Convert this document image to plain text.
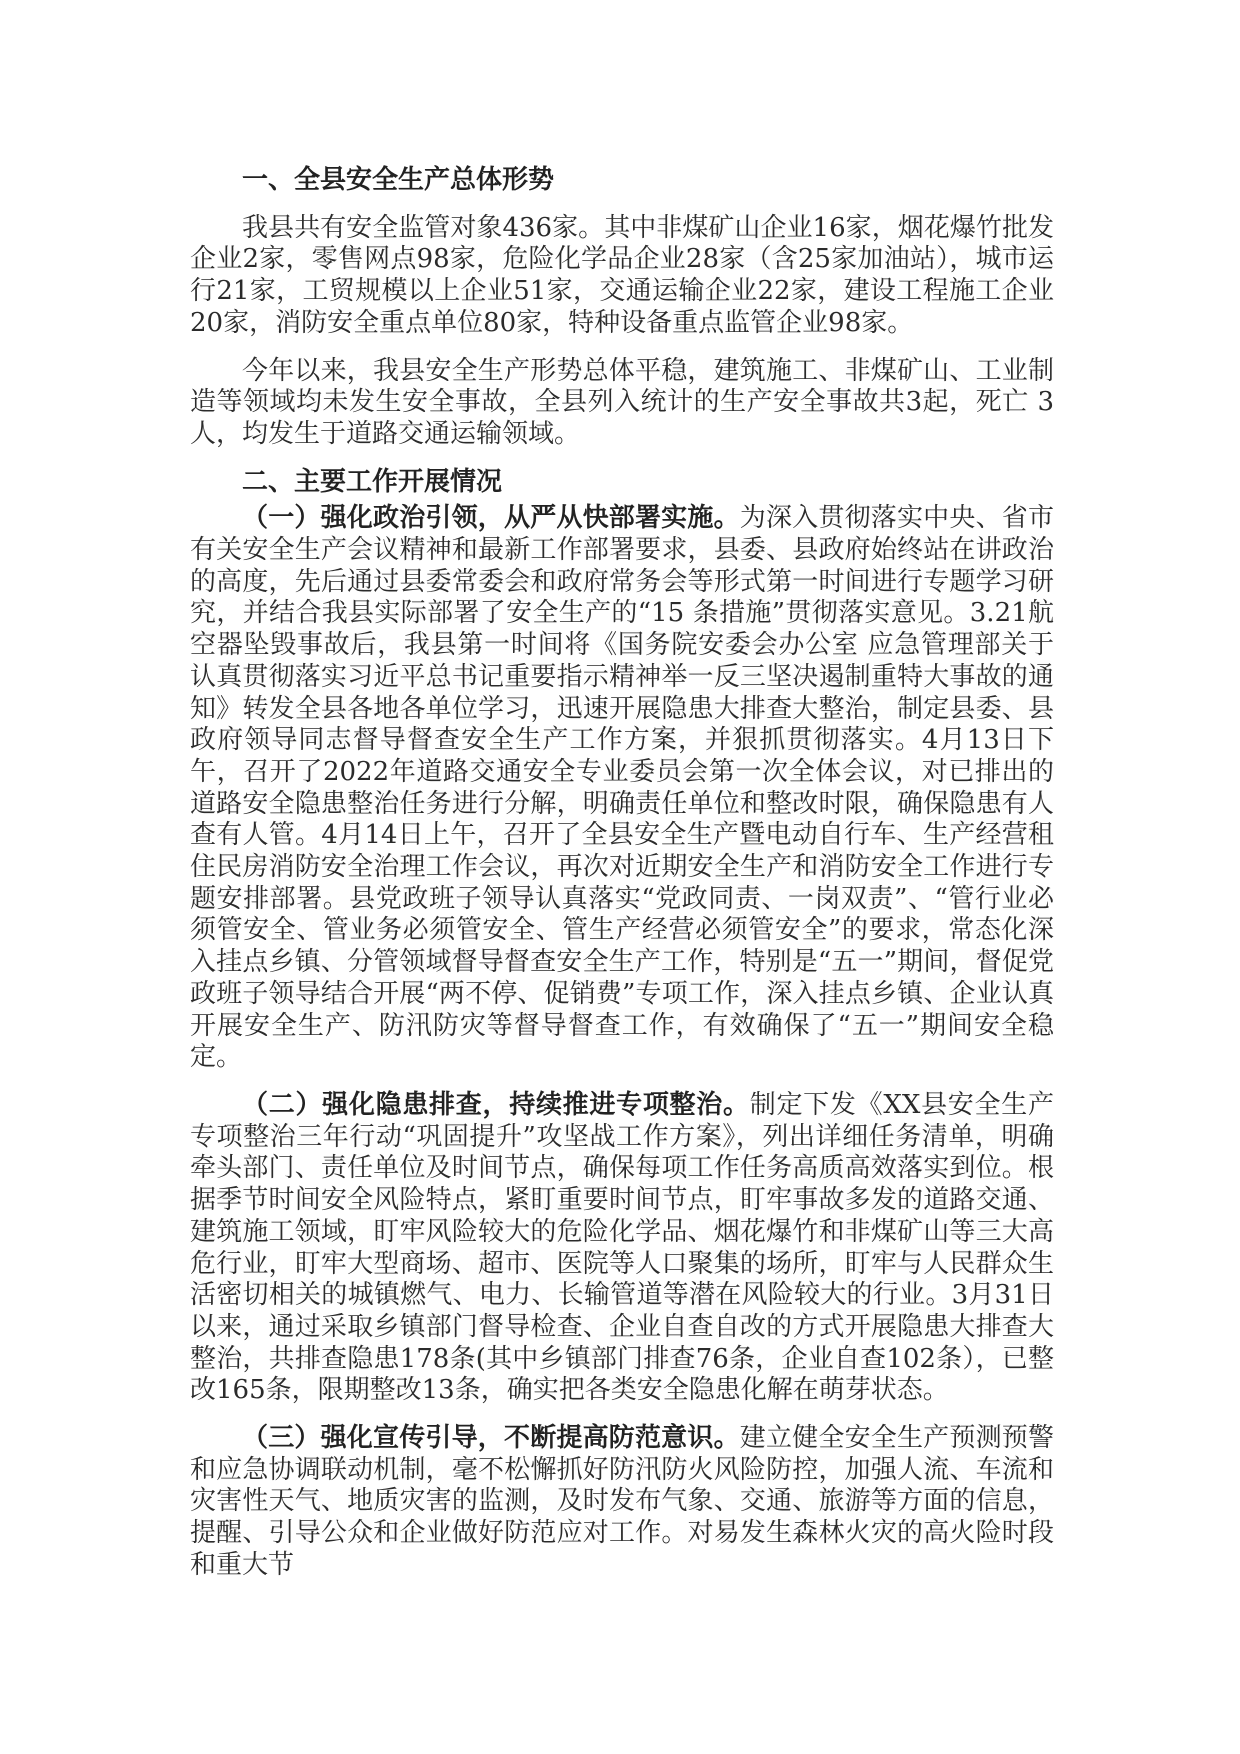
一、全县安全生产总体形势

我县共有安全监管对象436家。其中非煤矿山企业16家，烟花爆竹批发企业2家，零售网点98家，危险化学品企业28家（含25家加油站），城市运行21家，工贸规模以上企业51家，交通运输企业22家，建设工程施工企业20家，消防安全重点单位80家，特种设备重点监管企业98家。

今年以来，我县安全生产形势总体平稳，建筑施工、非煤矿山、工业制造等领域均未发生安全事故，全县列入统计的生产安全事故共3起，死亡 3人，均发生于道路交通运输领域。

二、主要工作开展情况

（一）强化政治引领，从严从快部署实施。为深入贯彻落实中央、省市有关安全生产会议精神和最新工作部署要求，县委、县政府始终站在讲政治的高度，先后通过县委常委会和政府常务会等形式第一时间进行专题学习研究，并结合我县实际部署了安全生产的“15 条措施”贯彻落实意见。3.21航空器坠毁事故后，我县第一时间将《国务院安委会办公室 应急管理部关于认真贯彻落实习近平总书记重要指示精神举一反三坚决遏制重特大事故的通知》转发全县各地各单位学习，迅速开展隐患大排查大整治，制定县委、县政府领导同志督导督查安全生产工作方案，并狠抓贯彻落实。4月13日下午，召开了2022年道路交通安全专业委员会第一次全体会议，对已排出的道路安全隐患整治任务进行分解，明确责任单位和整改时限，确保隐患有人查有人管。4月14日上午，召开了全县安全生产暨电动自行车、生产经营租住民房消防安全治理工作会议，再次对近期安全生产和消防安全工作进行专题安排部署。县党政班子领导认真落实“党政同责、一岗双责”、“管行业必须管安全、管业务必须管安全、管生产经营必须管安全”的要求，常态化深入挂点乡镇、分管领域督导督查安全生产工作，特别是“五一”期间，督促党政班子领导结合开展“两不停、促销费”专项工作，深入挂点乡镇、企业认真开展安全生产、防汛防灾等督导督查工作，有效确保了“五一”期间安全稳定。

（二）强化隐患排查，持续推进专项整治。制定下发《XX县安全生产专项整治三年行动“巩固提升”攻坚战工作方案》，列出详细任务清单，明确牵头部门、责任单位及时间节点，确保每项工作任务高质高效落实到位。根据季节时间安全风险特点，紧盯重要时间节点，盯牢事故多发的道路交通、建筑施工领域，盯牢风险较大的危险化学品、烟花爆竹和非煤矿山等三大高危行业，盯牢大型商场、超市、医院等人口聚集的场所，盯牢与人民群众生活密切相关的城镇燃气、电力、长输管道等潜在风险较大的行业。3月31日以来，通过采取乡镇部门督导检查、企业自查自改的方式开展隐患大排查大整治，共排查隐患178条(其中乡镇部门排查76条，企业自查102条），已整改165条，限期整改13条，确实把各类安全隐患化解在萌芽状态。

（三）强化宣传引导，不断提高防范意识。建立健全安全生产预测预警和应急协调联动机制，毫不松懈抓好防汛防火风险防控，加强人流、车流和灾害性天气、地质灾害的监测，及时发布气象、交通、旅游等方面的信息，提醒、引导公众和企业做好防范应对工作。对易发生森林火灾的高火险时段和重大节
